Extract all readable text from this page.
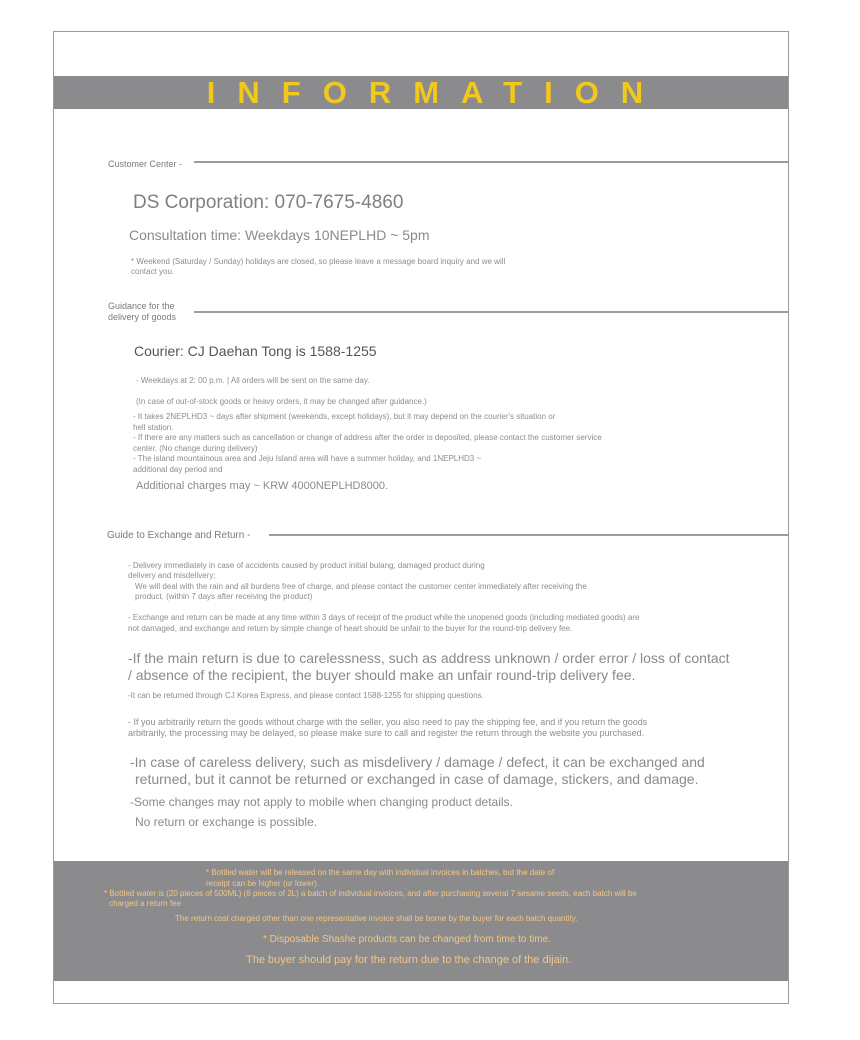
INFORMATION
Customer Center -
DS Corporation: 070-7675-4860
Consultation time: Weekdays 10NEPLHD ~ 5pm
* Weekend (Saturday / Sunday) holidays are closed, so please leave a message board inquiry and we will
contact you.
Guidance for the
delivery of goods
Courier: CJ Daehan Tong is 1588-1255
- Weekdays at 2: 00 p.m. | All orders will be sent on the same day.
(In case of out-of-stock goods or heavy orders, it may be changed after guidance.)
- It takes 2NEPLHD3 ~ days after shipment (weekends, except holidays), but it may depend on the courier's situation or
hell station.
- If there are any matters such as cancellation or change of address after the order is deposited, please contact the customer service
center. (No change during delivery)
- The island mountainous area and Jeju Island area will have a summer holiday, and 1NEPLHD3 ~
additional day period and
Additional charges may ~ KRW 4000NEPLHD8000.
Guide to Exchange and Return -
- Delivery immediately in case of accidents caused by product initial bulang, damaged product during
delivery and misdelivery;
We will deal with the rain and all burdens free of charge, and please contact the customer center immediately after receiving the
product. (within 7 days after receiving the product)
- Exchange and return can be made at any time within 3 days of receipt of the product while the unopened goods (including mediated goods) are
not damaged, and exchange and return by simple change of heart should be unfair to the buyer for the round-trip delivery fee.
-If the main return is due to carelessness, such as address unknown / order error / loss of contact
/ absence of the recipient, the buyer should make an unfair round-trip delivery fee.
-It can be returned through CJ Korea Express, and please contact 1588-1255 for shipping questions.
- If you arbitrarily return the goods without charge with the seller, you also need to pay the shipping fee, and if you return the goods
arbitrarily, the processing may be delayed, so please make sure to call and register the return through the website you purchased.
-In case of careless delivery, such as misdelivery / damage / defect, it can be exchanged and
returned, but it cannot be returned or exchanged in case of damage, stickers, and damage.
-Some changes may not apply to mobile when changing product details.
No return or exchange is possible.
* Bottled water will be released on the same day with individual invoices in batches, but the date of
receipt can be higher (or lower).
* Bottled water is (20 pieces of 500ML) (6 pieces of 2L) a batch of individual invoices, and after purchasing several 7 sesame seeds, each batch will be
charged a return fee
The return cost charged other than one representative invoice shall be borne by the buyer for each batch quantity.
* Disposable Shashe products can be changed from time to time.
The buyer should pay for the return due to the change of the dijain.
